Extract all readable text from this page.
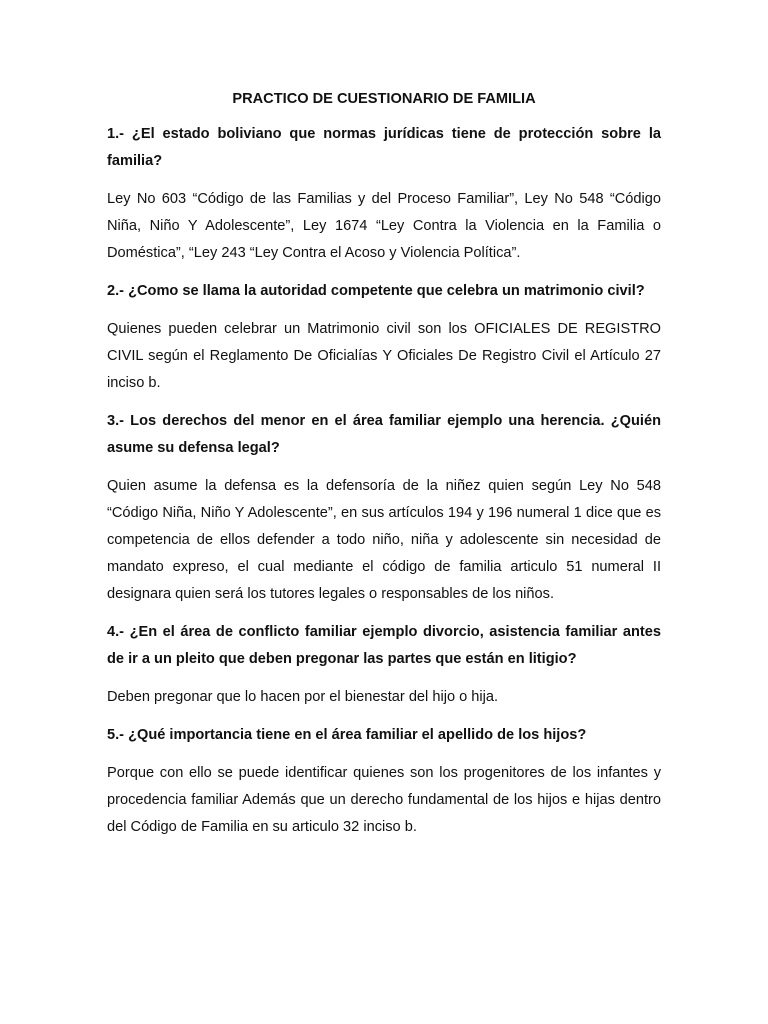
PRACTICO DE CUESTIONARIO DE FAMILIA

1.- ¿El estado boliviano que normas jurídicas tiene de protección sobre la familia?

Ley No 603 “Código de las Familias y del Proceso Familiar”, Ley No 548 “Código Niña, Niño Y Adolescente”, Ley 1674 “Ley Contra la Violencia en la Familia o Doméstica”, “Ley 243 “Ley Contra el Acoso y Violencia Política”.

2.- ¿Como se llama la autoridad competente que celebra un matrimonio civil?

Quienes pueden celebrar un Matrimonio civil son los OFICIALES DE REGISTRO CIVIL según el Reglamento De Oficialías Y Oficiales De Registro Civil el Artículo 27 inciso b.

3.- Los derechos del menor en el área familiar ejemplo una herencia. ¿Quién asume su defensa legal?

Quien asume la defensa es la defensoría de la niñez quien según Ley No 548 “Código Niña, Niño Y Adolescente”, en sus artículos 194 y 196 numeral 1 dice que es competencia de ellos defender a todo niño, niña y adolescente sin necesidad de mandato expreso, el cual mediante el código de familia articulo 51 numeral II designara quien será los tutores legales o responsables de los niños.

4.- ¿En el área de conflicto familiar ejemplo divorcio, asistencia familiar antes de ir a un pleito que deben pregonar las partes que están en litigio?

Deben pregonar que lo hacen por el bienestar del hijo o hija.

5.- ¿Qué importancia tiene en el área familiar el apellido de los hijos?

Porque con ello se puede identificar quienes son los progenitores de los infantes y procedencia familiar Además que un derecho fundamental de los hijos e hijas dentro del Código de Familia en su articulo 32 inciso b.
